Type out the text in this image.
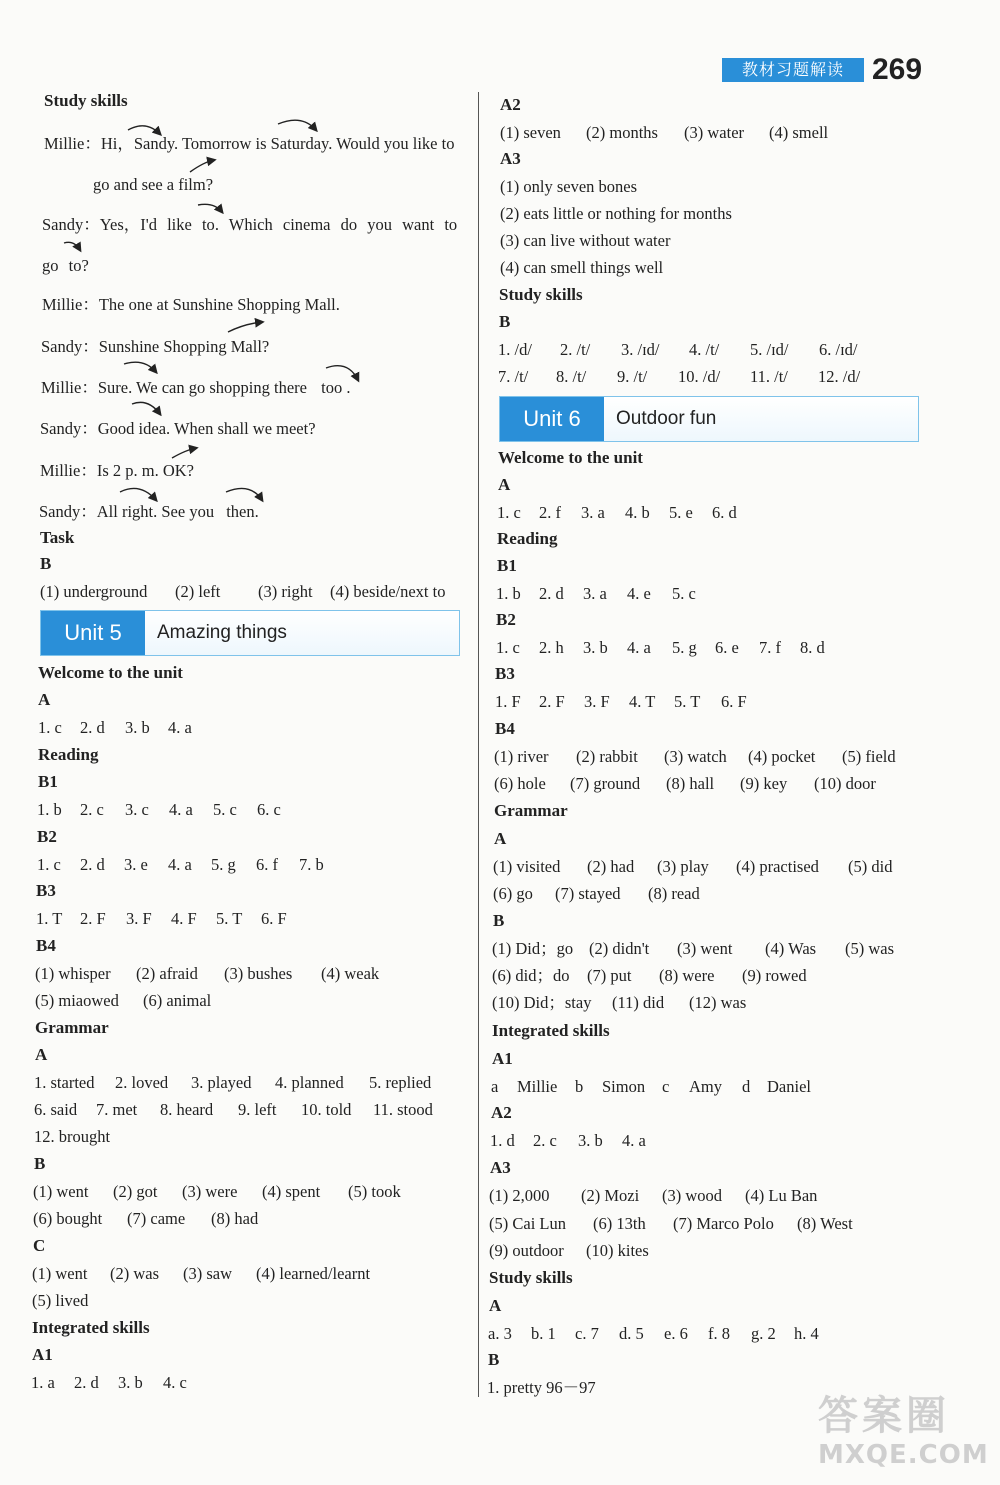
教材习题解读 269
Study skills
Millie：Hi，Sandy. Tomorrow is Saturday. Would you like to
go and see a film?
Sandy：Yes，I'd like to. Which cinema do you want to
go to?
Millie：The one at Sunshine Shopping Mall.
Sandy：Sunshine Shopping Mall?
Millie：Sure. We can go shopping there too .
Sandy：Good idea. When shall we meet?
Millie：Is 2 p. m. OK?
Sandy：All right. See you then.
Task
B
(1) underground (2) left (3) right (4) beside/next to
Unit 5	Amazing things
Welcome to the unit
A
1. c 2. d 3. b 4. a
Reading
B1
1. b 2. c 3. c 4. a 5. c 6. c
B2
1. c 2. d 3. e 4. a 5. g 6. f 7. b
B3
1. T 2. F 3. F 4. F 5. T 6. F
B4
(1) whisper (2) afraid (3) bushes (4) weak
(5) miaowed (6) animal
Grammar
A
1. started 2. loved 3. played 4. planned 5. replied
6. said 7. met 8. heard 9. left 10. told 11. stood
12. brought
B
(1) went (2) got (3) were (4) spent (5) took
(6) bought (7) came (8) had
C
(1) went (2) was (3) saw (4) learned/learnt
(5) lived
Integrated skills
A1
1. a 2. d 3. b 4. c
A2
(1) seven (2) months (3) water (4) smell
A3
(1) only seven bones
(2) eats little or nothing for months
(3) can live without water
(4) can smell things well
Study skills
B
1. /d/ 2. /t/ 3. /ɪd/ 4. /t/ 5. /ɪd/ 6. /ɪd/
7. /t/ 8. /t/ 9. /t/ 10. /d/ 11. /t/ 12. /d/
Unit 6	Outdoor fun
Welcome to the unit
A
1. c 2. f 3. a 4. b 5. e 6. d
Reading
B1
1. b 2. d 3. a 4. e 5. c
B2
1. c 2. h 3. b 4. a 5. g 6. e 7. f 8. d
B3
1. F 2. F 3. F 4. T 5. T 6. F
B4
(1) river (2) rabbit (3) watch (4) pocket (5) field
(6) hole (7) ground (8) hall (9) key (10) door
Grammar
A
(1) visited (2) had (3) play (4) practised (5) did
(6) go (7) stayed (8) read
B
(1) Did；go (2) didn't (3) went (4) Was (5) was
(6) did；do (7) put (8) were (9) rowed
(10) Did；stay (11) did (12) was
Integrated skills
A1
a Millie b Simon c Amy d Daniel
A2
1. d 2. c 3. b 4. a
A3
(1) 2,000 (2) Mozi (3) wood (4) Lu Ban
(5) Cai Lun (6) 13th (7) Marco Polo (8) West
(9) outdoor (10) kites
Study skills
A
a. 3 b. 1 c. 7 d. 5 e. 6 f. 8 g. 2 h. 4
B
1. pretty 96－97
答案圈
MXQE.COM
